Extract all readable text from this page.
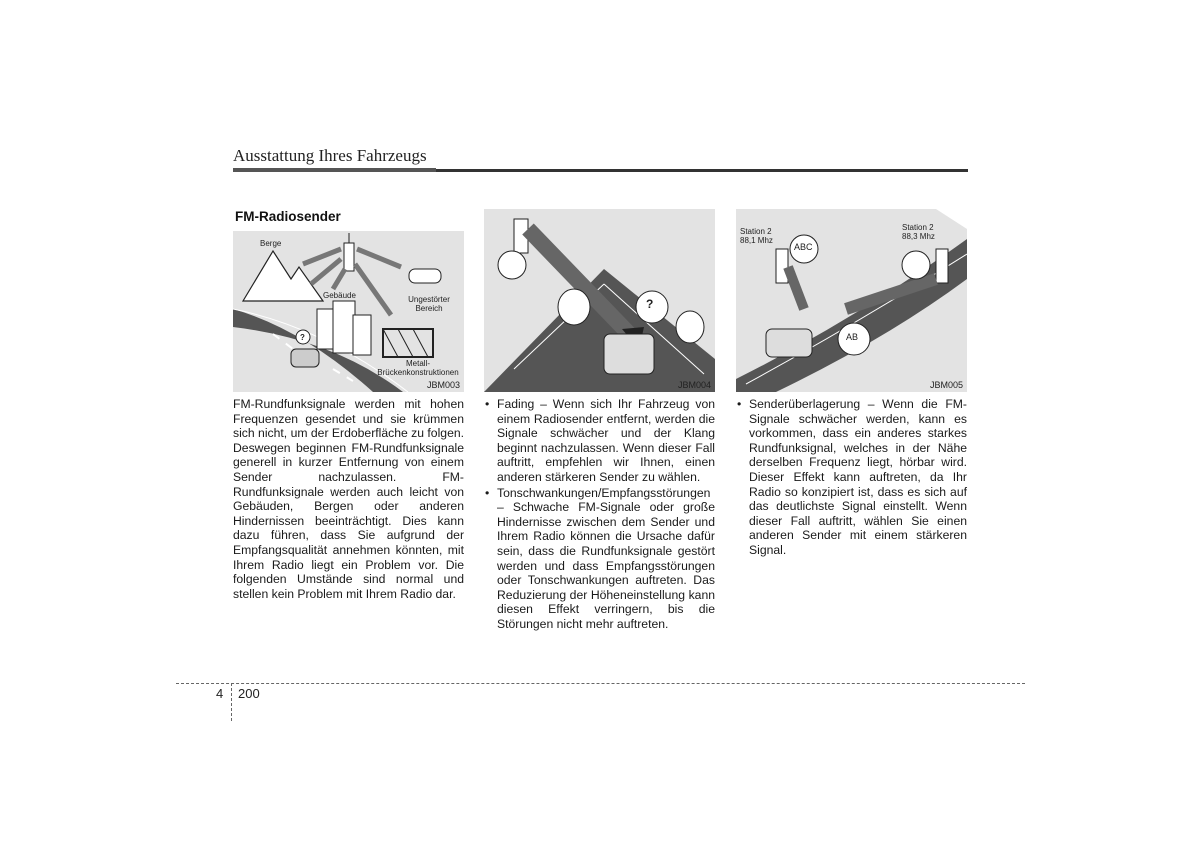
Ausstattung Ihres Fahrzeugs
FM-Radiosender
Berge
Gebäude	Ungestörter Bereich
Metall-Brückenkonstruktionen
?
JBM003
?
JBM004
Station 2
88,1 Mhz
Station 2
88,3 Mhz
ABC
AB
JBM005
FM-Rundfunksignale werden mit hohen Frequenzen gesendet und sie krümmen sich nicht, um der Erdoberfläche zu folgen. Deswegen beginnen FM-Rundfunksignale generell in kurzer Entfernung von einem Sender nachzulassen. FM-Rundfunksignale werden auch leicht von Gebäuden, Bergen oder anderen Hindernissen beeinträchtigt. Dies kann dazu führen, dass Sie aufgrund der Empfangsqualität annehmen könnten, mit Ihrem Radio liegt ein Problem vor. Die folgenden Umstände sind normal und stellen kein Problem mit Ihrem Radio dar.
• Fading – Wenn sich Ihr Fahrzeug von einem Radiosender entfernt, werden die Signale schwächer und der Klang beginnt nachzulassen. Wenn dieser Fall auftritt, empfehlen wir Ihnen, einen anderen stärkeren Sender zu wählen.
• Tonschwankungen/Empfangsstörungen – Schwache FM-Signale oder große Hindernisse zwischen dem Sender und Ihrem Radio können die Ursache dafür sein, dass die Rundfunksignale gestört werden und dass Empfangsstörungen oder Tonschwankungen auftreten. Das Reduzierung der Höheneinstellung kann diesen Effekt verringern, bis die Störungen nicht mehr auftreten.
• Senderüberlagerung – Wenn die FM-Signale schwächer werden, kann es vorkommen, dass ein anderes starkes Rundfunksignal, welches in der Nähe derselben Frequenz liegt, hörbar wird. Dieser Effekt kann auftreten, da Ihr Radio so konzipiert ist, dass es sich auf das deutlichste Signal einstellt. Wenn dieser Fall auftritt, wählen Sie einen anderen Sender mit einem stärkeren Signal.
4 200
